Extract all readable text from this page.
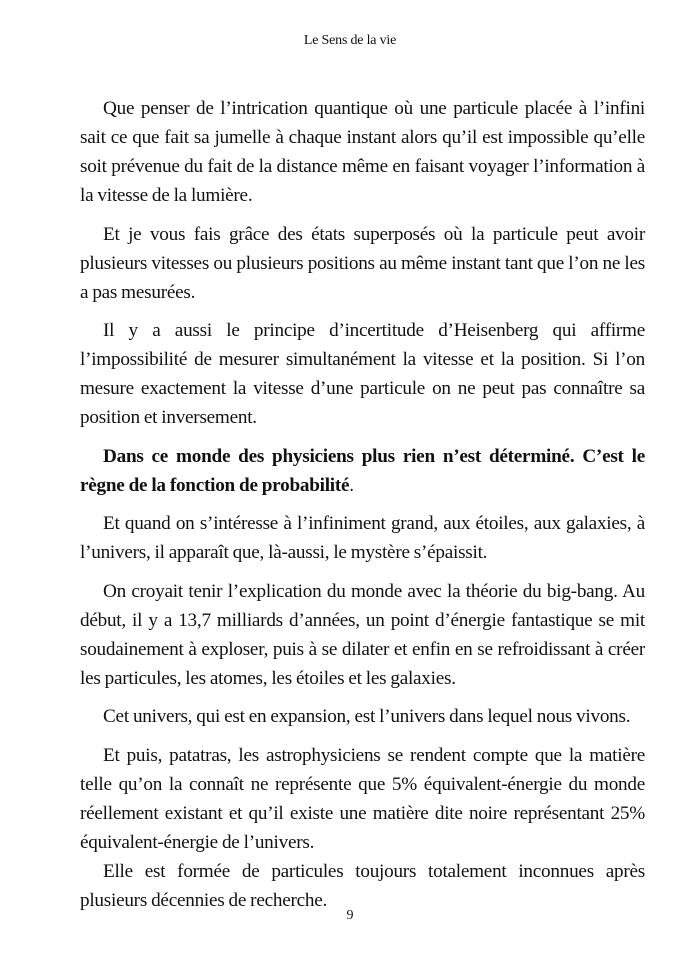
Le Sens de la vie

Que penser de l’intrication quantique où une particule placée à l’infini sait ce que fait sa jumelle à chaque instant alors qu’il est impossible qu’elle soit prévenue du fait de la distance même en faisant voyager l’information à la vitesse de la lumière.

Et je vous fais grâce des états superposés où la particule peut avoir plusieurs vitesses ou plusieurs positions au même instant tant que l’on ne les a pas mesurées.

Il y a aussi le principe d’incertitude d’Heisenberg qui affirme l’impossibilité de mesurer simultanément la vitesse et la position. Si l’on mesure exactement la vitesse d’une particule on ne peut pas connaître sa position et inversement.

Dans ce monde des physiciens plus rien n’est déterminé. C’est le règne de la fonction de probabilité.

Et quand on s’intéresse à l’infiniment grand, aux étoiles, aux galaxies, à l’univers, il apparaît que, là-aussi, le mystère s’épaissit.

On croyait tenir l’explication du monde avec la théorie du big-bang. Au début, il y a 13,7 milliards d’années, un point d’énergie fantastique se mit soudainement à exploser, puis à se dilater et enfin en se refroidissant à créer les particules, les atomes, les étoiles et les galaxies.

Cet univers, qui est en expansion, est l’univers dans lequel nous vivons.

Et puis, patatras, les astrophysiciens se rendent compte que la matière telle qu’on la connaît ne représente que 5% équivalent-énergie du monde réellement existant et qu’il existe une matière dite noire représentant 25% équivalent-énergie de l’univers.

Elle est formée de particules toujours totalement inconnues après plusieurs décennies de recherche.

9
